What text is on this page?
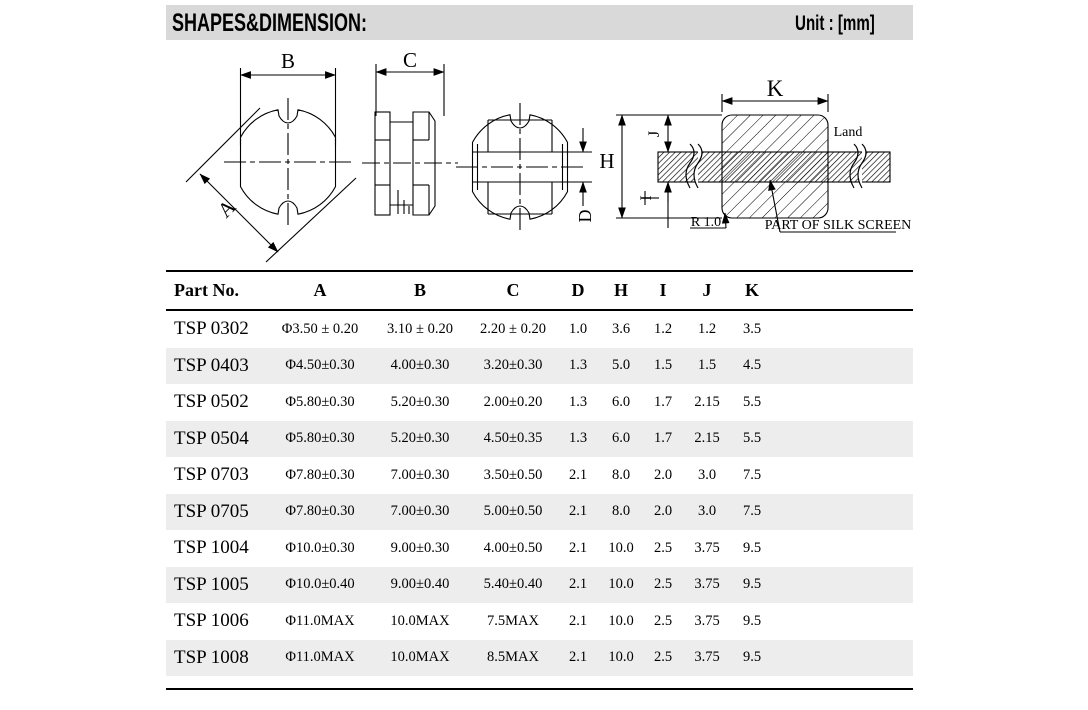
SHAPES&DIMENSION:	Unit : [mm]
B
A
C
D
K
H
J
I
Land
R 1.0	PART OF SILK SCREEN
Part No.	A	B	C	D	H	I	J	K
TSP 0302	Φ3.50 ± 0.20	3.10 ± 0.20	2.20 ± 0.20	1.0	3.6	1.2	1.2	3.5
TSP 0403	Φ4.50±0.30	4.00±0.30	3.20±0.30	1.3	5.0	1.5	1.5	4.5
TSP 0502	Φ5.80±0.30	5.20±0.30	2.00±0.20	1.3	6.0	1.7	2.15	5.5
TSP 0504	Φ5.80±0.30	5.20±0.30	4.50±0.35	1.3	6.0	1.7	2.15	5.5
TSP 0703	Φ7.80±0.30	7.00±0.30	3.50±0.50	2.1	8.0	2.0	3.0	7.5
TSP 0705	Φ7.80±0.30	7.00±0.30	5.00±0.50	2.1	8.0	2.0	3.0	7.5
TSP 1004	Φ10.0±0.30	9.00±0.30	4.00±0.50	2.1	10.0	2.5	3.75	9.5
TSP 1005	Φ10.0±0.40	9.00±0.40	5.40±0.40	2.1	10.0	2.5	3.75	9.5
TSP 1006	Φ11.0MAX	10.0MAX	7.5MAX	2.1	10.0	2.5	3.75	9.5
TSP 1008	Φ11.0MAX	10.0MAX	8.5MAX	2.1	10.0	2.5	3.75	9.5
